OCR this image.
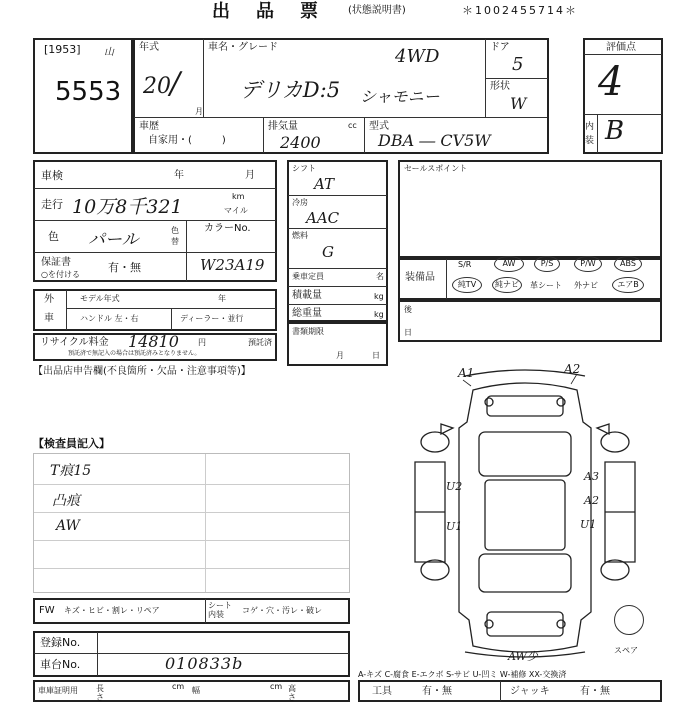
出　品　票	(状態説明書)	＊1002455714＊
[1953] 山
5553
年式
20
月
/
車名・グレード	4WD
デリカD:5 シャモニー
ドア
5
形状
W
車歴
自家用・(　　　)
排気量	cc
2400
型式
DBA ― CV5W
評価点
4
内装 B
車検	年	月
走行 10万8千321	km
マイル
色 パール	色替
カラーNo.
W23A19
保証書
○を付ける
有・無
シフト
AT
冷房
AAC
燃料
G
乗車定員	名
積載量	kg
総重量	kg
書類期限
月	日
外
車
モデル年式	年
ハンドル 左・右	ディーラー・並行
リサイクル料金 14810 円	預託済
預託済で無記入の場合は預託済みとなりません。
【出品店申告欄(不良箇所・欠品・注意事項等)】
セールスポイント
装備品
S/R	AW	P/S	P/W	ABS
純TV	純ナビ	革シート 外ナビ	エアB
後
日
【検査員記入】
T痕15
凸痕
AW
A1	A2
U2
U1
A3
A2
U1
AW少	スペア
FW キズ・ヒビ・割レ・リペア
シート内装	コゲ・穴・汚レ・破レ
登録No.
車台No.	010833b
A-キズ C-腐食 E-エクボ S-サビ U-凹ミ W-補修 XX-交換済
車庫証明用 長さ
cm 幅	cm 高さ
工具	有・無	ジャッキ	有・無
